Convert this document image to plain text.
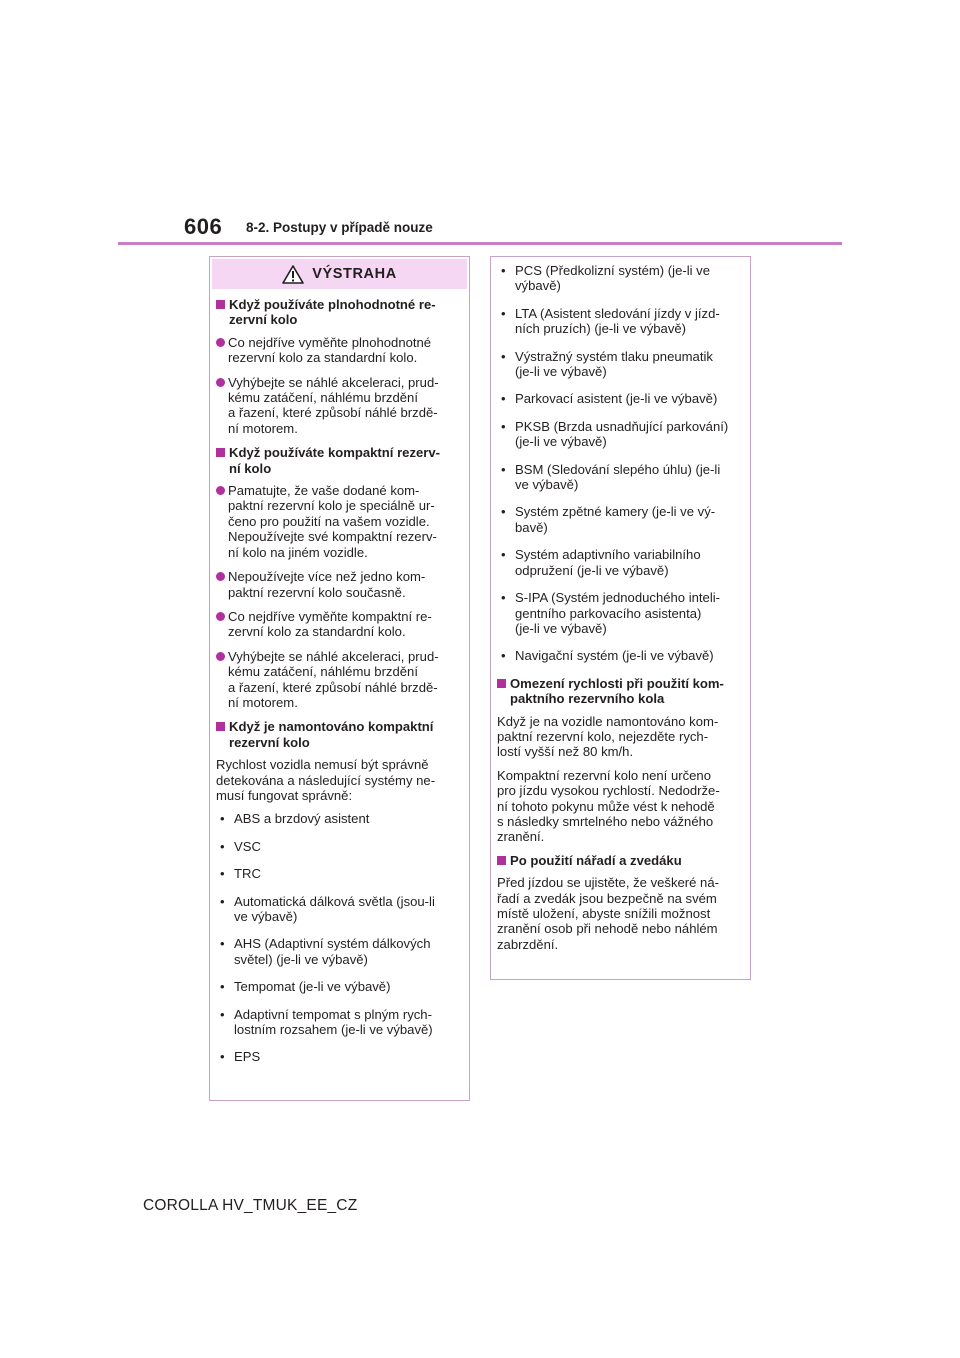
606 8-2. Postupy v případě nouze
VÝSTRAHA
Když používáte plnohodnotné re-
zervní kolo
Co nejdříve vyměňte plnohodnotné
rezervní kolo za standardní kolo.
Vyhýbejte se náhlé akceleraci, prud-
kému zatáčení, náhlému brzdění
a řazení, které způsobí náhlé brzdě-
ní motorem.
Když používáte kompaktní rezerv-
ní kolo
Pamatujte, že vaše dodané kom-
paktní rezervní kolo je speciálně ur-
čeno pro použití na vašem vozidle.
Nepoužívejte své kompaktní rezerv-
ní kolo na jiném vozidle.
Nepoužívejte více než jedno kom-
paktní rezervní kolo současně.
Co nejdříve vyměňte kompaktní re-
zervní kolo za standardní kolo.
Vyhýbejte se náhlé akceleraci, prud-
kému zatáčení, náhlému brzdění
a řazení, které způsobí náhlé brzdě-
ní motorem.
Když je namontováno kompaktní
rezervní kolo
Rychlost vozidla nemusí být správně
detekována a následující systémy ne-
musí fungovat správně:
• ABS a brzdový asistent
• VSC
• TRC
• Automatická dálková světla (jsou-li
ve výbavě)
• AHS (Adaptivní systém dálkových
světel) (je-li ve výbavě)
• Tempomat (je-li ve výbavě)
• Adaptivní tempomat s plným rych-
lostním rozsahem (je-li ve výbavě)
• EPS
• PCS (Předkolizní systém) (je-li ve
výbavě)
• LTA (Asistent sledování jízdy v jízd-
ních pruzích) (je-li ve výbavě)
• Výstražný systém tlaku pneumatik
(je-li ve výbavě)
• Parkovací asistent (je-li ve výbavě)
• PKSB (Brzda usnadňující parkování)
(je-li ve výbavě)
• BSM (Sledování slepého úhlu) (je-li
ve výbavě)
• Systém zpětné kamery (je-li ve vý-
bavě)
• Systém adaptivního variabilního
odpružení (je-li ve výbavě)
• S-IPA (Systém jednoduchého inteli-
gentního parkovacího asistenta)
(je-li ve výbavě)
• Navigační systém (je-li ve výbavě)
Omezení rychlosti při použití kom-
paktního rezervního kola
Když je na vozidle namontováno kom-
paktní rezervní kolo, nejezděte rych-
lostí vyšší než 80 km/h.
Kompaktní rezervní kolo není určeno
pro jízdu vysokou rychlostí. Nedodrže-
ní tohoto pokynu může vést k nehodě
s následky smrtelného nebo vážného
zranění.
Po použití nářadí a zvedáku
Před jízdou se ujistěte, že veškeré ná-
řadí a zvedák jsou bezpečně na svém
místě uložení, abyste snížili možnost
zranění osob při nehodě nebo náhlém
zabrzdění.
COROLLA HV_TMUK_EE_CZ
